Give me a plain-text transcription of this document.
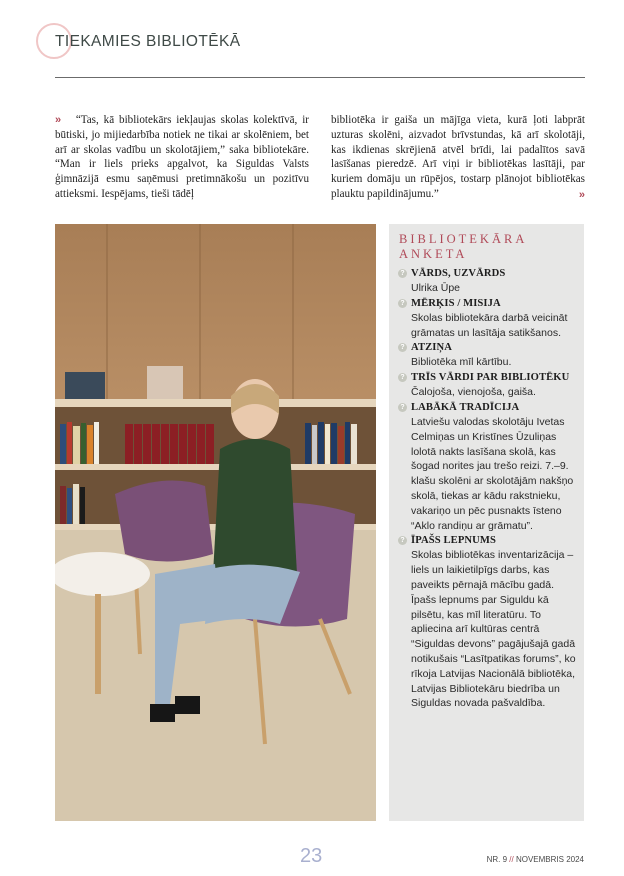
TIEKAMIES BIBLIOTĒKĀ
» “Tas, kā bibliotekārs iekļaujas skolas kolektīvā, ir būtiski, jo mijiedarbība notiek ne tikai ar skolēniem, bet arī ar skolas vadību un skolotājiem,” saka bibliotekāre. “Man ir liels prieks apgalvot, ka Siguldas Valsts ģimnāzijā esmu saņēmusi pretimnākošu un pozitīvu attieksmi. Iespējams, tieši tādēļ
bibliotēka ir gaiša un mājīga vieta, kurā ļoti labprāt uzturas skolēni, aizvadot brīvstundas, kā arī skolotāji, kas ikdienas skrējienā atvēl brīdi, lai padalītos savā lasīšanas pieredzē. Arī viņi ir bibliotēkas lasītāji, par kuriem domāju un rūpējos, tostarp plānojot bibliotēkas plauktu papildinājumu.”	»
BIBLIOTEKĀRA ANKETA
? VĀRDS, UZVĀRDS
Ulrika Ūpe
? MĒRĶIS / MISIJA
Skolas bibliotekāra darbā veicināt grāmatas un lasītāja satikšanos.
? ATZIŅA
Bibliotēka mīl kārtību.
? TRĪS VĀRDI PAR BIBLIOTĒKU
Čalojoša, vienojoša, gaiša.
? LABĀKĀ TRADĪCIJA
Latviešu valodas skolotāju Ivetas Celmiņas un Kristīnes Ūzuliņas lolotā nakts lasīšana skolā, kas šogad norites jau trešo reizi. 7.–9. klašu skolēni ar skolotājām nakšņo skolā, tiekas ar kādu rakstnieku, vakariņo un pēc pusnakts īsteno “Aklo randiņu ar grāmatu”.
? ĪPAŠS LEPNUMS
Skolas bibliotēkas inventarizācija – liels un laikietilpīgs darbs, kas paveikts pērnajā mācību gadā. Īpašs lepnums par Siguldu kā pilsētu, kas mīl literatūru. To apliecina arī kultūras centrā “Siguldas devons” pagājušajā gadā notikušais “Lasītpatikas forums”, ko rīkoja Latvijas Nacionālā bibliotēka, Latvijas Bibliotekāru biedrība un Siguldas novada pašvaldība.
23	NR. 9 // NOVEMBRIS 2024
